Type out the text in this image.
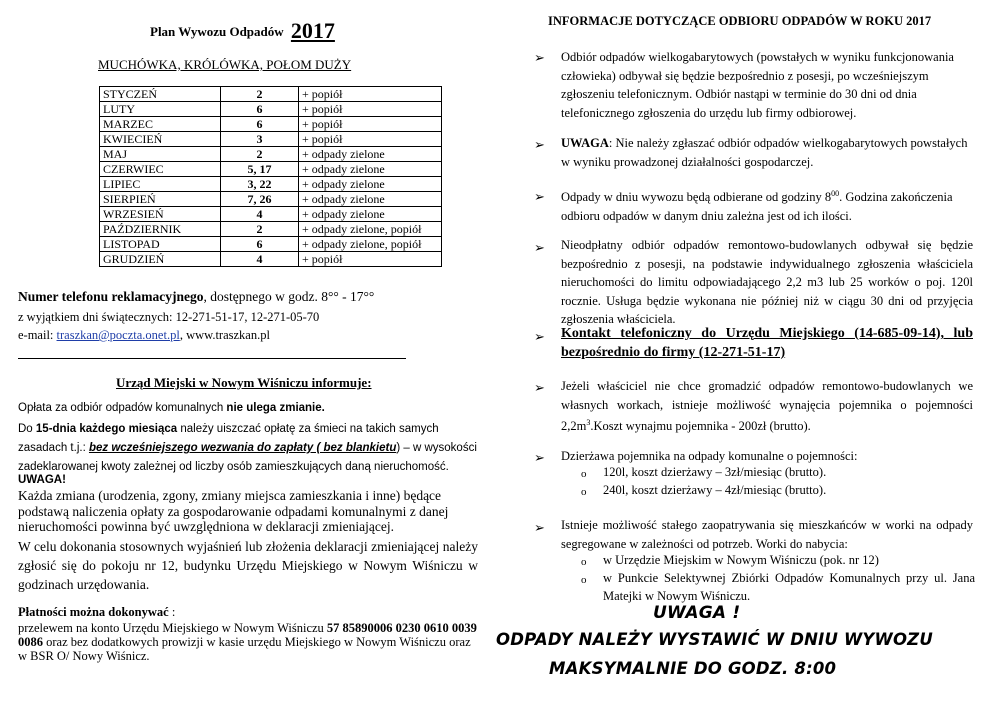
Plan Wywozu Odpadów 2017
MUCHÓWKA, KRÓLÓWKA, POŁOM DUŻY
STYCZEŃ	2	+ popiół
LUTY	6	+ popiół
MARZEC	6	+ popiół
KWIECIEŃ	3	+ popiół
MAJ	2	+ odpady zielone
CZERWIEC	5, 17	+ odpady zielone
LIPIEC	3, 22	+ odpady zielone
SIERPIEŃ	7, 26	+ odpady zielone
WRZESIEŃ	4	+ odpady zielone
PAŹDZIERNIK	2	+ odpady zielone, popiół
LISTOPAD	6	+ odpady zielone, popiół
GRUDZIEŃ	4	+ popiół
Numer telefonu reklamacyjnego, dostępnego w godz. 8°° - 17°°
z wyjątkiem dni świątecznych: 12-271-51-17, 12-271-05-70
e-mail: traszkan@poczta.onet.pl, www.traszkan.pl
Urząd Miejski w Nowym Wiśniczu informuje:
Opłata za odbiór odpadów komunalnych nie ulega zmianie.
Do 15-dnia każdego miesiąca należy uiszczać opłatę za śmieci na takich samych zasadach t.j.: bez wcześniejszego wezwania do zapłaty ( bez blankietu) – w wysokości zadeklarowanej kwoty zależnej od liczby osób zamieszkujących daną nieruchomość.
UWAGA!
Każda zmiana (urodzenia, zgony, zmiany miejsca zamieszkania i inne) będące podstawą naliczenia opłaty za gospodarowanie odpadami komunalnymi z danej nieruchomości powinna być uwzględniona w deklaracji zmieniającej.
W celu dokonania stosownych wyjaśnień lub złożenia deklaracji zmieniającej należy zgłosić się do pokoju nr 12, budynku Urzędu Miejskiego w Nowym Wiśniczu w godzinach urzędowania.
Płatności można dokonywać :
przelewem na konto Urzędu Miejskiego w Nowym Wiśniczu 57 85890006 0230 0610 0039 0086 oraz bez dodatkowych prowizji w kasie urzędu Miejskiego w Nowym Wiśniczu oraz w BSR O/ Nowy Wiśnicz.
INFORMACJE DOTYCZĄCE ODBIORU ODPADÓW W ROKU 2017
➢ Odbiór odpadów wielkogabarytowych (powstałych w wyniku funkcjonowania człowieka) odbywał się będzie bezpośrednio z posesji, po wcześniejszym zgłoszeniu telefonicznym. Odbiór nastąpi w terminie do 30 dni od dnia telefonicznego zgłoszenia do urzędu lub firmy odbiorowej.
➢ UWAGA: Nie należy zgłaszać odbiór odpadów wielkogabarytowych powstałych w wyniku prowadzonej działalności gospodarczej.
➢ Odpady w dniu wywozu będą odbierane od godziny $8^{00}$. Godzina zakończenia odbioru odpadów w danym dniu zależna jest od ich ilości.
➢ Nieodpłatny odbiór odpadów remontowo-budowlanych odbywał się będzie bezpośrednio z posesji, na podstawie indywidualnego zgłoszenia właściciela nieruchomości do limitu odpowiadającego 2,2 m3 lub 25 worków o poj. 120l rocznie. Usługa będzie wykonana nie później niż w ciągu 30 dni od przyjęcia zgłoszenia właściciela.
➢ Kontakt telefoniczny do Urzędu Miejskiego (14-685-09-14), lub bezpośrednio do firmy (12-271-51-17)
➢ Jeżeli właściciel nie chce gromadzić odpadów remontowo-budowlanych we własnych workach, istnieje możliwość wynajęcia pojemnika o pojemności $2,2m^3.Koszt$ wynajmu pojemnika - 200zł (brutto).
➢ Dzierżawa pojemnika na odpady komunalne o pojemności:
o 120l, koszt dzierżawy – 3zł/miesiąc (brutto).
o 240l, koszt dzierżawy – 4zł/miesiąc (brutto).
➢ Istnieje możliwość stałego zaopatrywania się mieszkańców w worki na odpady segregowane w zależności od potrzeb. Worki do nabycia:
o w Urzędzie Miejskim w Nowym Wiśniczu (pok. nr 12)
o w Punkcie Selektywnej Zbiórki Odpadów Komunalnych przy ul. Jana
Matejki w Nowym Wiśniczu.
UWAGA !
ODPADY NALEŻY WYSTAWIĆ W DNIU WYWOZU
MAKSYMALNIE DO GODZ. 8:00
